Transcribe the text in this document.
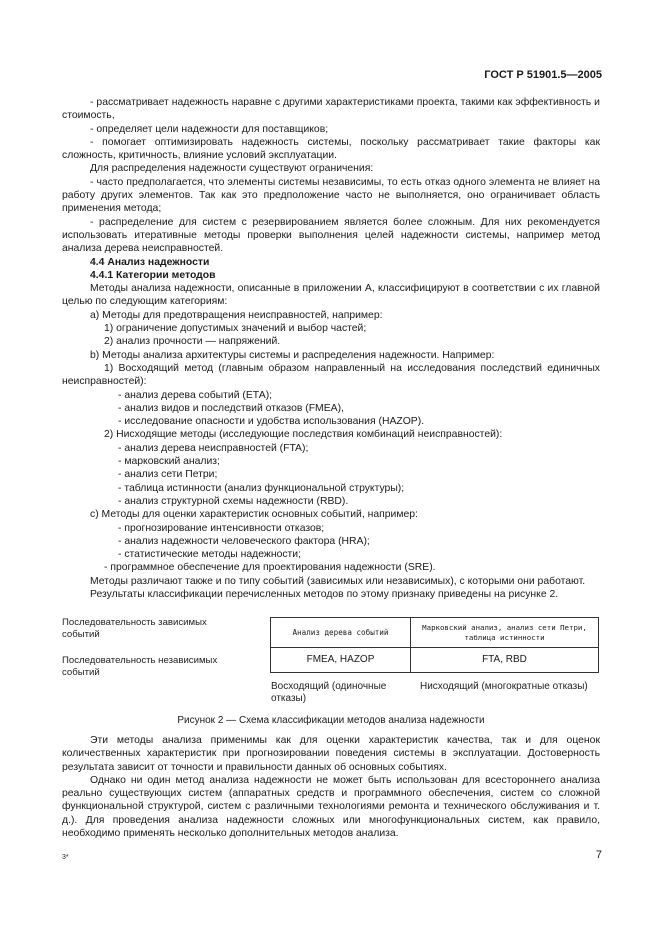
ГОСТ Р 51901.5—2005

- рассматривает надежность наравне с другими характеристиками проекта, такими как эффективность и стоимость,

- определяет цели надежности для поставщиков;

- помогает оптимизировать надежность системы, поскольку рассматривает такие факторы как сложность, критичность, влияние условий эксплуатации.

Для распределения надежности существуют ограничения:

- часто предполагается, что элементы системы независимы, то есть отказ одного элемента не влияет на работу других элементов. Так как это предположение часто не выполняется, оно ограничивает область применения метода;

- распределение для систем с резервированием является более сложным. Для них рекомендуется использовать итеративные методы проверки выполнения целей надежности системы, например метод анализа дерева неисправностей.

4.4 Анализ надежности

4.4.1 Категории методов

Методы анализа надежности, описанные в приложении А, классифицируют в соответствии с их главной целью по следующим категориям:

а) Методы для предотвращения неисправностей, например:

1) ограничение допустимых значений и выбор частей;

2) анализ прочности — напряжений.

b) Методы анализа архитектуры системы и распределения надежности. Например:

1) Восходящий метод (главным образом направленный на исследования последствий единичных неисправностей):

- анализ дерева событий (ЕТА);

- анализ видов и последствий отказов (FMEA),

- исследование опасности и удобства использования (HAZOP).

2) Нисходящие методы (исследующие последствия комбинаций неисправностей):

- анализ дерева неисправностей (FTA);

- марковский анализ;

- анализ сети Петри;

- таблица истинности (анализ функциональной структуры);

- анализ структурной схемы надежности (RBD).

с) Методы для оценки характеристик основных событий, например:

- прогнозирование интенсивности отказов;

- анализ надежности человеческого фактора (HRA);

- статистические методы надежности;

- программное обеспечение для проектирования надежности (SRE).

Методы различают также и по типу событий (зависимых или независимых), с которыми они работают.

Результаты классификации перечисленных методов по этому признаку приведены на рисунке 2.

Последовательность зависимых событий
Последовательность независимых событий
Анализ дерева событий
Марковский анализ, анализ сети Петри, таблица истинности
FMEA, HAZOP	FTA, RBD
Восходящий (одиночные отказы)
Нисходящий (многократные отказы)
Рисунок 2 — Схема классификации методов анализа надежности

Эти методы анализа применимы как для оценки характеристик качества, так и для оценок количественных характеристик при прогнозировании поведения системы в эксплуатации. Достоверность результата зависит от точности и правильности данных об основных событиях.

Однако ни один метод анализа надежности не может быть использован для всестороннего анализа реально существующих систем (аппаратных средств и программного обеспечения, систем со сложной функциональной структурой, систем с различными технологиями ремонта и технического обслуживания и т. д.). Для проведения анализа надежности сложных или многофункциональных систем, как правило, необходимо применять несколько дополнительных методов анализа.

3*	7
